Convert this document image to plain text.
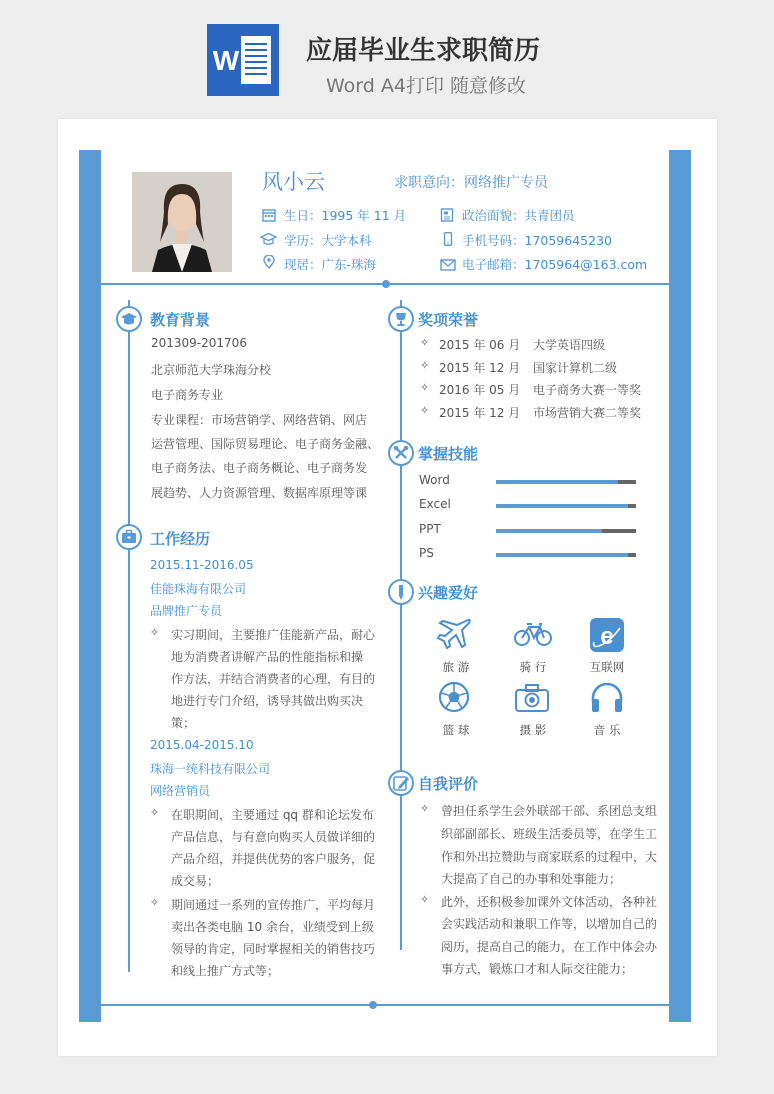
W	应届毕业生求职简历
Word A4打印 随意修改
风小云	求职意向：网络推广专员
生日：1995 年 11 月	政治面貌：共青团员
学历：大学本科	手机号码：17059645230
现居：广东-珠海	电子邮箱：1705964@163.com
教育背景
201309-201706
北京师范大学珠海分校
电子商务专业
专业课程：市场营销学、网络营销、网店
运营管理、国际贸易理论、电子商务金融、
电子商务法、电子商务概论、电子商务发
展趋势、人力资源管理、数据库原理等课
工作经历
2015.11-2016.05
佳能珠海有限公司
品牌推广专员
✧ 实习期间，主要推广佳能新产品，耐心
地为消费者讲解产品的性能指标和操
作方法，并结合消费者的心理，有目的
地进行专门介绍，诱导其做出购买决
策；
2015.04-2015.10
珠海一统科技有限公司
网络营销员
✧ 在职期间，主要通过 qq 群和论坛发布
产品信息，与有意向购买人员做详细的
产品介绍，并提供优势的客户服务，促
成交易；
✧ 期间通过一系列的宣传推广，平均每月
卖出各类电脑 10 余台，业绩受到上级
领导的肯定，同时掌握相关的销售技巧
和线上推广方式等；
奖项荣誉
✧ 2015 年 06 月 大学英语四级
✧ 2015 年 12 月 国家计算机二级
✧ 2016 年 05 月 电子商务大赛一等奖
✧ 2015 年 12 月 市场营销大赛二等奖
掌握技能
Word
Excel
PPT
PS
兴趣爱好
e
旅 游	骑 行	互联网
篮 球	摄 影	音 乐
自我评价
✧ 曾担任系学生会外联部干部、系团总支组
织部副部长、班级生活委员等，在学生工
作和外出拉赞助与商家联系的过程中，大
大提高了自己的办事和处事能力；
✧ 此外，还积极参加课外文体活动，各种社
会实践活动和兼职工作等，以增加自己的
阅历，提高自己的能力，在工作中体会办
事方式，锻炼口才和人际交往能力；
